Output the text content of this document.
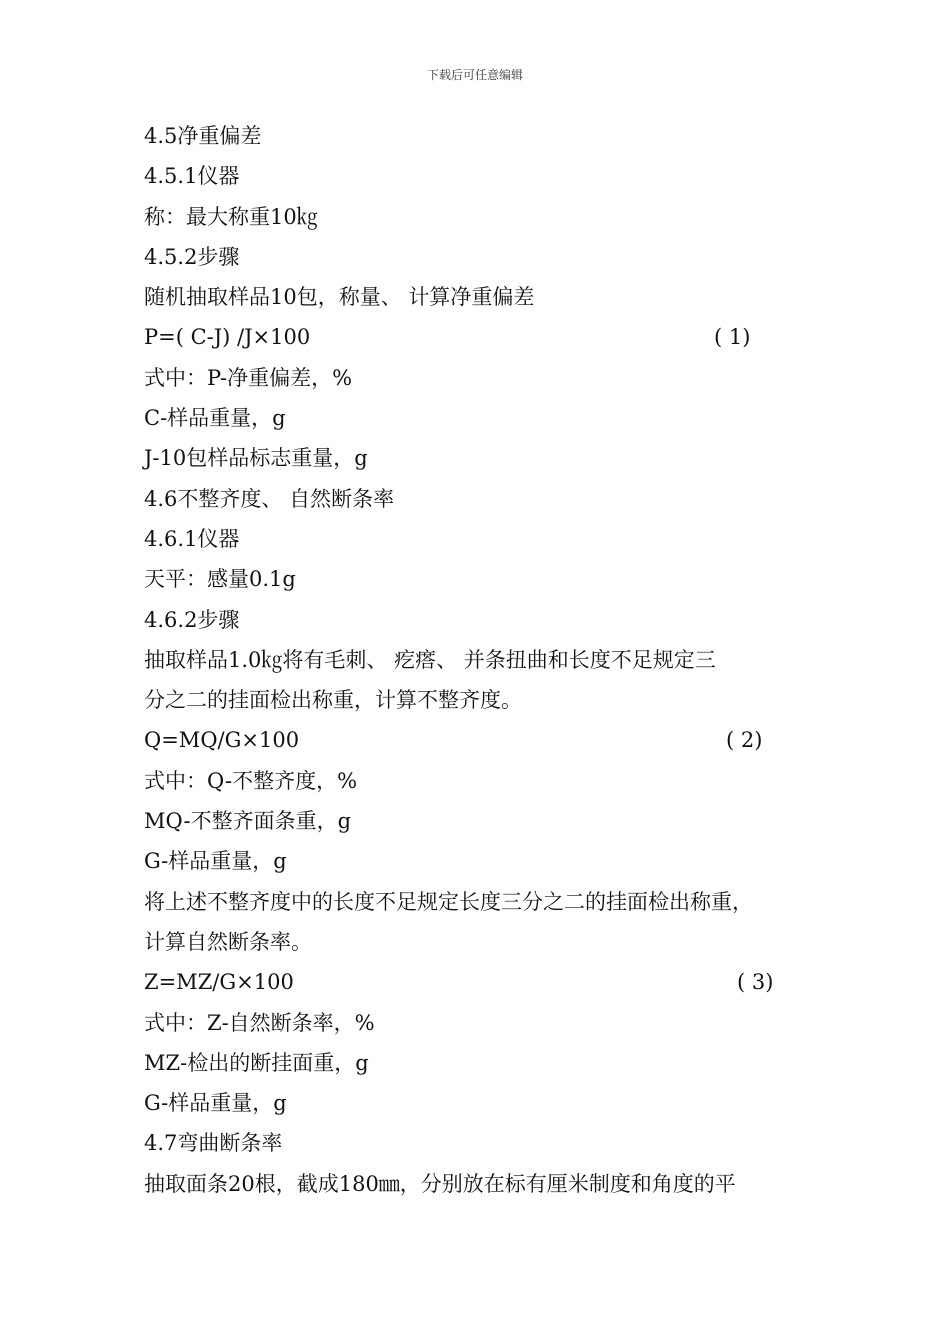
下载后可任意编辑
4.5净重偏差
4.5.1仪器
称：最大称重10㎏
4.5.2步骤
随机抽取样品10包，称量、 计算净重偏差
P=( C-J) /J×100	( 1)
式中：P-净重偏差，%
C-样品重量，g
J-10包样品标志重量，g
4.6不整齐度、 自然断条率
4.6.1仪器
天平：感量0.1g
4.6.2步骤
抽取样品1.0㎏将有毛刺、 疙瘩、 并条扭曲和长度不足规定三
分之二的挂面检出称重，计算不整齐度。
Q=MQ/G×100	( 2)
式中：Q-不整齐度，%
MQ-不整齐面条重，g
G-样品重量，g
将上述不整齐度中的长度不足规定长度三分之二的挂面检出称重，
计算自然断条率。
Z=MZ/G×100	( 3)
式中：Z-自然断条率，%
MZ-检出的断挂面重，g
G-样品重量，g
4.7弯曲断条率
抽取面条20根，截成180㎜，分别放在标有厘米制度和角度的平
